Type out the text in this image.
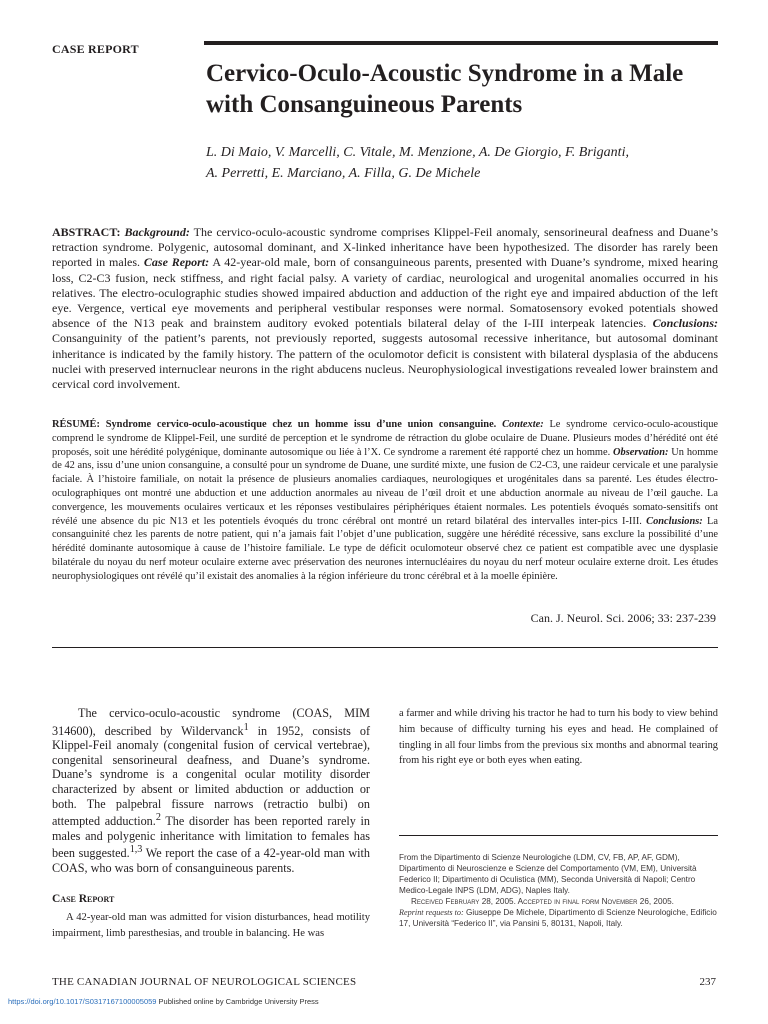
CASE REPORT
Cervico-Oculo-Acoustic Syndrome in a Male with Consanguineous Parents
L. Di Maio, V. Marcelli, C. Vitale, M. Menzione, A. De Giorgio, F. Briganti,
A. Perretti, E. Marciano, A. Filla, G. De Michele

ABSTRACT: Background: The cervico-oculo-acoustic syndrome comprises Klippel-Feil anomaly, sensorineural deafness and Duane’s retraction syndrome. Polygenic, autosomal dominant, and X-linked inheritance have been hypothesized. The disorder has rarely been reported in males. Case Report: A 42-year-old male, born of consanguineous parents, presented with Duane’s syndrome, mixed hearing loss, C2-C3 fusion, neck stiffness, and right facial palsy. A variety of cardiac, neurological and urogenital anomalies occurred in his relatives. The electro-oculographic studies showed impaired abduction and adduction of the right eye and impaired abduction of the left eye. Vergence, vertical eye movements and peripheral vestibular responses were normal. Somatosensory evoked potentials showed absence of the N13 peak and brainstem auditory evoked potentials bilateral delay of the I-III interpeak latencies. Conclusions: Consanguinity of the patient’s parents, not previously reported, suggests autosomal recessive inheritance, but autosomal dominant inheritance is indicated by the family history. The pattern of the oculomotor deficit is consistent with bilateral dysplasia of the abducens nuclei with preserved internuclear neurons in the right abducens nucleus. Neurophysiological investigations revealed lower brainstem and cervical cord involvement.

RÉSUMÉ: Syndrome cervico-oculo-acoustique chez un homme issu d’une union consanguine. Contexte: Le syndrome cervico-oculo-acoustique comprend le syndrome de Klippel-Feil, une surdité de perception et le syndrome de rétraction du globe oculaire de Duane. Plusieurs modes d’hérédité ont été proposés, soit une hérédité polygénique, dominante autosomique ou liée à l’X. Ce syndrome a rarement été rapporté chez un homme. Observation: Un homme de 42 ans, issu d’une union consanguine, a consulté pour un syndrome de Duane, une surdité mixte, une fusion de C2-C3, une raideur cervicale et une paralysie faciale. À l’histoire familiale, on notait la présence de plusieurs anomalies cardiaques, neurologiques et urogénitales dans sa parenté. Les études électro-oculographiques ont montré une abduction et une adduction anormales au niveau de l’œil droit et une abduction anormale au niveau de l’œil gauche. La convergence, les mouvements oculaires verticaux et les réponses vestibulaires périphériques étaient normales. Les potentiels évoqués somato-sensitifs ont révélé une absence du pic N13 et les potentiels évoqués du tronc cérébral ont montré un retard bilatéral des intervalles inter-pics I-III. Conclusions: La consanguinité chez les parents de notre patient, qui n’a jamais fait l’objet d’une publication, suggère une hérédité récessive, sans exclure la possibilité d’une hérédité dominante autosomique à cause de l’histoire familiale. Le type de déficit oculomoteur observé chez ce patient est compatible avec une dysplasie bilatérale du noyau du nerf moteur oculaire externe avec préservation des neurones internucléaires du noyau du nerf moteur oculaire externe droit. Les études neurophysiologiques ont révélé qu’il existait des anomalies à la région inférieure du tronc cérébral et à la moelle épinière.

Can. J. Neurol. Sci. 2006; 33: 237-239

The cervico-oculo-acoustic syndrome (COAS, MIM 314600), described by Wildervanck$^1$ in 1952, consists of Klippel-Feil anomaly (congenital fusion of cervical vertebrae), congenital sensorineural deafness, and Duane’s syndrome. Duane’s syndrome is a congenital ocular motility disorder characterized by absent or limited abduction or adduction or both. The palpebral fissure narrows (retractio bulbi) on attempted adduction.$^2$ The disorder has been reported rarely in males and polygenic inheritance with limitation to females has been suggested.$^{1,3}$ We report the case of a 42-year-old man with COAS, who was born of consanguineous parents.

Case Report

A 42-year-old man was admitted for vision disturbances, head motility impairment, limb paresthesias, and trouble in balancing. He was

a farmer and while driving his tractor he had to turn his body to view behind him because of difficulty turning his eyes and head. He complained of tingling in all four limbs from the previous six months and abnormal tearing from his right eye or both eyes when eating.

From the Dipartimento di Scienze Neurologiche (LDM, CV, FB, AP, AF, GDM), Dipartimento di Neuroscienze e Scienze del Comportamento (VM, EM), Università Federico II; Dipartimento di Oculistica (MM), Seconda Università di Napoli; Centro Medico-Legale INPS (LDM, ADG), Naples Italy.
Received February 28, 2005. Accepted in final form November 26, 2005.
Reprint requests to: Giuseppe De Michele, Dipartimento di Scienze Neurologiche, Edificio 17, Università “Federico II”, via Pansini 5, 80131, Napoli, Italy.
THE CANADIAN JOURNAL OF NEUROLOGICAL SCIENCES	237
https://doi.org/10.1017/S0317167100005059 Published online by Cambridge University Press
